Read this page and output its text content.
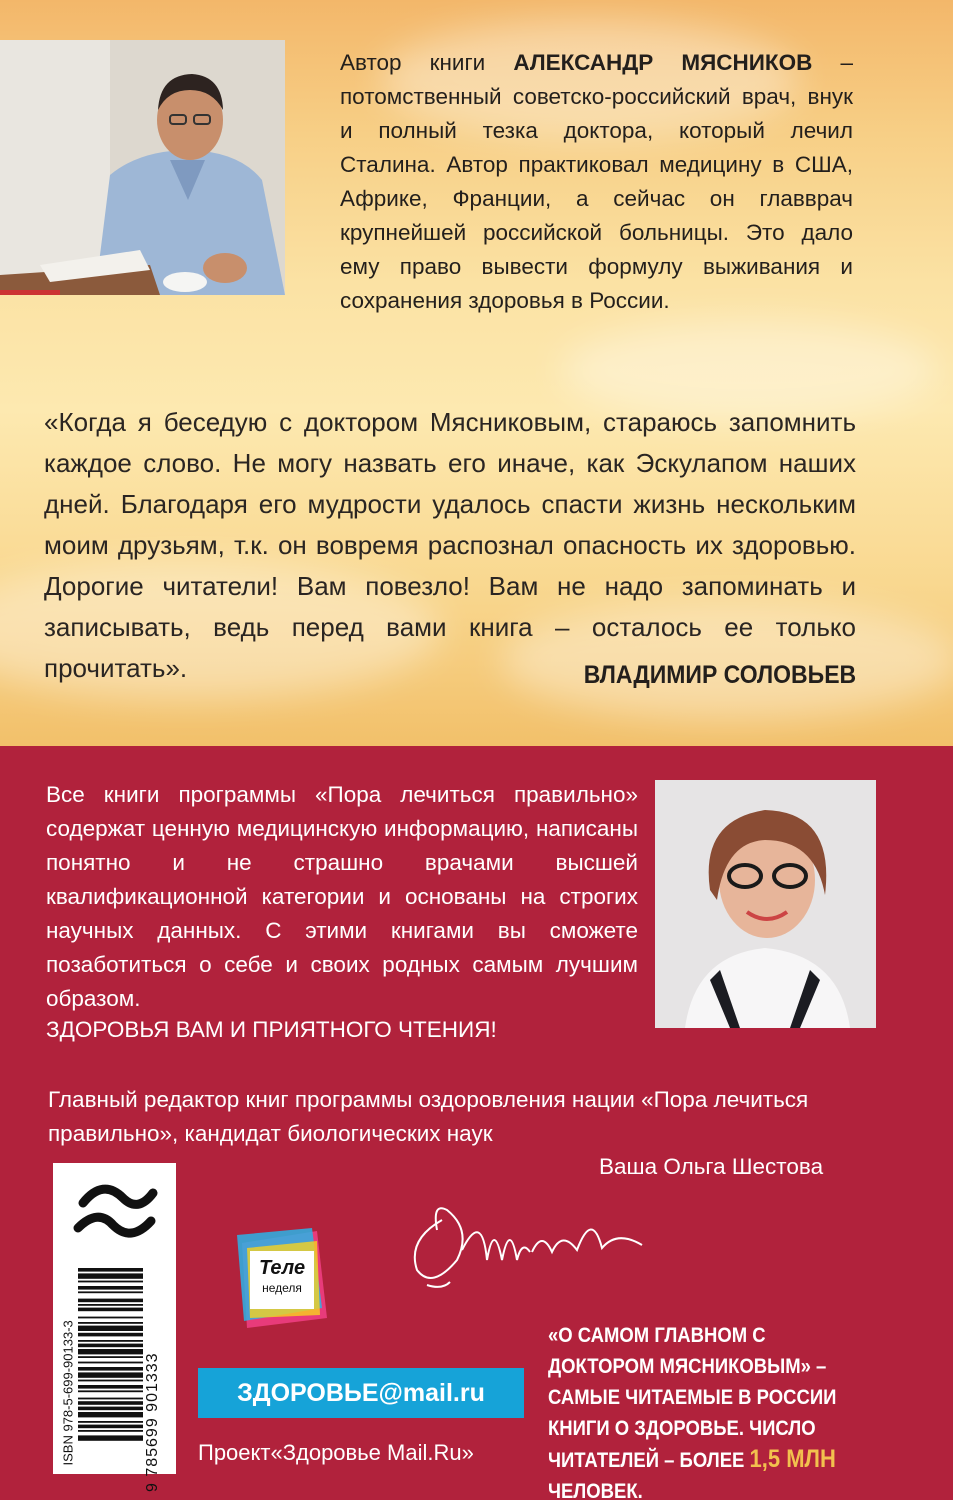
Автор книги АЛЕКСАНДР МЯСНИКОВ – потомственный советско-российский врач, внук и полный тезка доктора, который лечил Сталина. Автор практиковал медицину в США, Африке, Франции, а сейчас он главврач крупнейшей российской больницы. Это дало ему право вывести формулу выживания и сохранения здоровья в России.
«Когда я беседую с доктором Мясниковым, стараюсь запомнить каждое слово. Не могу назвать его иначе, как Эскулапом наших дней. Благодаря его мудрости удалось спасти жизнь нескольким моим друзьям, т.к. он вовремя распознал опасность их здоровью. Дорогие читатели! Вам повезло! Вам не надо запоминать и записывать, ведь перед вами книга – осталось ее только прочитать».	ВЛАДИМИР СОЛОВЬЕВ
Все книги программы «Пора лечиться правильно» содержат ценную медицинскую информацию, написаны понятно и не страшно врачами высшей квалификационной категории и основаны на строгих научных данных. С этими книгами вы сможете позаботиться о себе и своих родных самым лучшим образом.
ЗДОРОВЬЯ ВАМ И ПРИЯТНОГО ЧТЕНИЯ!
Главный редактор книг программы оздоровления нации «Пора лечиться правильно», кандидат биологических наук
Ваша Ольга Шестова
ISBN 978-5-699-90133-3	9 785699 901333
Теле
неделя
ЗДОРОВЬЕ@mail.ru
Проект«Здоровье Mail.Ru»
«О САМОМ ГЛАВНОМ С ДОКТОРОМ МЯСНИКОВЫМ» – САМЫЕ ЧИТАЕМЫЕ В РОССИИ КНИГИ О ЗДОРОВЬЕ. ЧИСЛО ЧИТАТЕЛЕЙ – БОЛЕЕ 1,5 МЛН ЧЕЛОВЕК.
